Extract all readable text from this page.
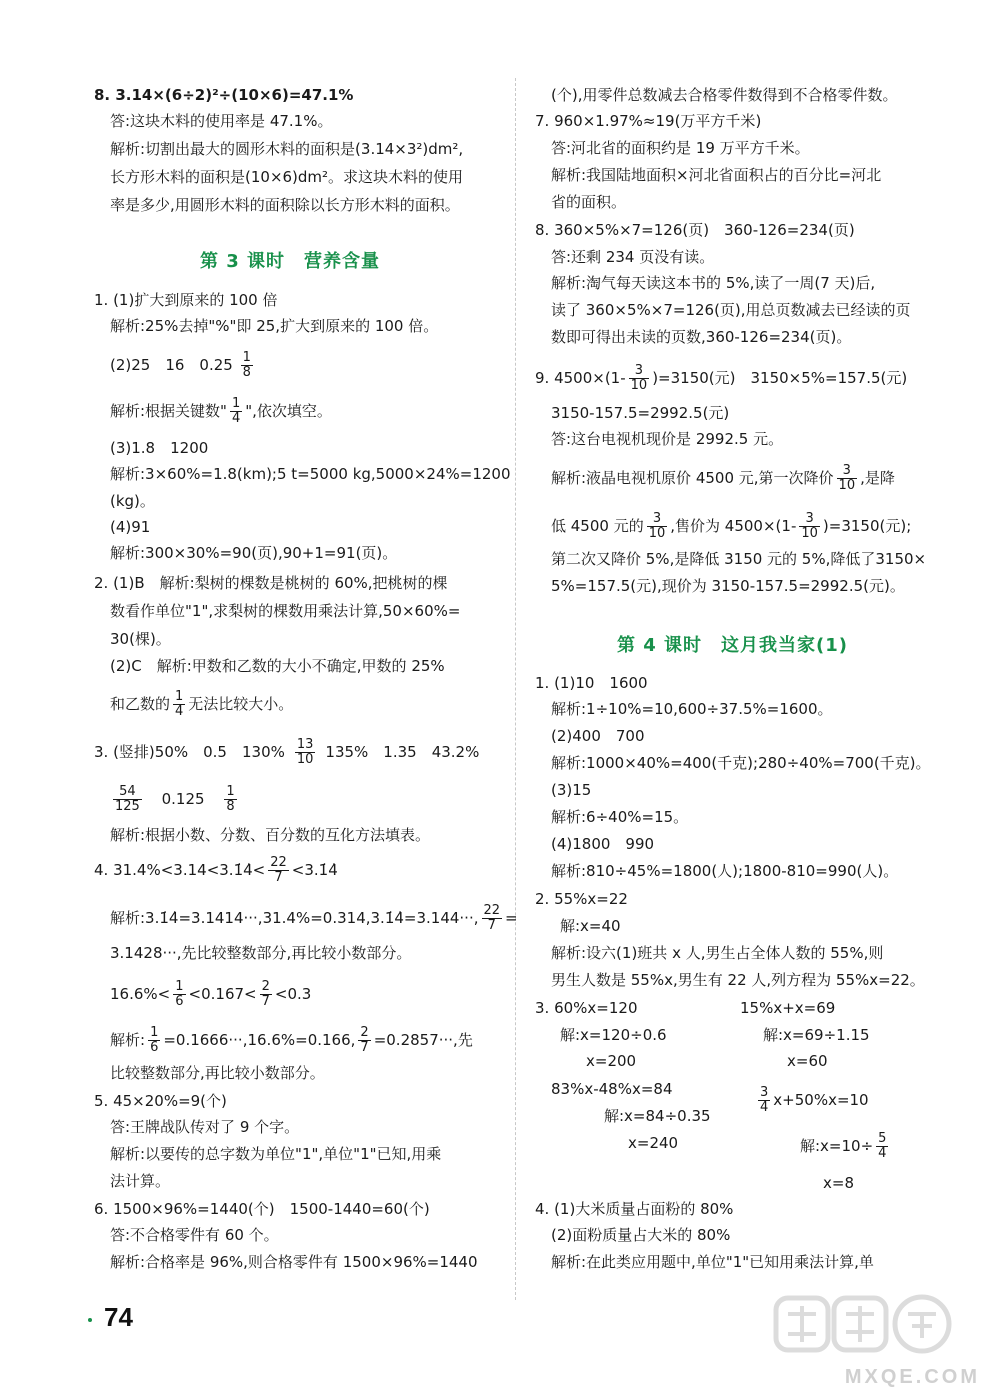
8. 3.14×(6÷2)²÷(10×6)=47.1%
答:这块木料的使用率是 47.1%。
解析:切割出最大的圆形木料的面积是(3.14×3²)dm²,
长方形木料的面积是(10×6)dm²。求这块木料的使用
率是多少,用圆形木料的面积除以长方形木料的面积。
第 3 课时　营养含量
1. (1)扩大到原来的 100 倍
解析:25%去掉"%"即 25,扩大到原来的 100 倍。
(2)25　16　$0.25 \frac{1}{8}$
解析:根据关键数" $\frac{1}{4}$ ",依次填空。
(3)1.8　1200
解析:3×60%=1.8(km);5 t=5000 kg,5000×24%=1200
(kg)。
(4)91
解析:300×30%=90(页),90+1=91(页)。
2. (1)B　解析:梨树的棵数是桃树的 60%,把桃树的棵
数看作单位"1",求梨树的棵数用乘法计算,50×60%=
30(棵)。
(2)C　解析:甲数和乙数的大小不确定,甲数的 25%
和乙数的 $\frac{1}{4}$ 无法比较大小。
3. (竖排)50%　0.5　$130\% \frac{13}{10} 135\%$　1.35　43.2%
$\frac{54}{125} 0.125 \frac{1}{8}$
解析:根据小数、分数、百分数的互化方法填表。
4. 31.4%<3.14<3.1̇4̇< $\frac{22}{7}$ <3.1̇4̇
解析:3.1̇4̇=3.1414···,31.4%=0.314,3.1̇4̇=3.144···, $\frac{22}{7}$ =
3.1428···,先比较整数部分,再比较小数部分。
$16.6\%< \frac{1}{6} <0.167< \frac{2}{7} <0.3$
解析: $\frac{1}{6} =0.1666\cdot\cdot\cdot,16.6\%=0.166$, $\frac{2}{7} =0.2857\cdot\cdot\cdot$,先
比较整数部分,再比较小数部分。
5. 45×20%=9(个)
答:王牌战队传对了 9 个字。
解析:以要传的总字数为单位"1",单位"1"已知,用乘
法计算。
6. 1500×96%=1440(个)　1500-1440=60(个)
答:不合格零件有 60 个。
解析:合格率是 96%,则合格零件有 1500×96%=1440
(个),用零件总数减去合格零件数得到不合格零件数。
7. 960×1.97%≈19(万平方千米)
答:河北省的面积约是 19 万平方千米。
解析:我国陆地面积×河北省面积占的百分比=河北
省的面积。
8. 360×5%×7=126(页)　360-126=234(页)
答:还剩 234 页没有读。
解析:淘气每天读这本书的 5%,读了一周(7 天)后,
读了 360×5%×7=126(页),用总页数减去已经读的页
数即可得出未读的页数,360-126=234(页)。
9. $4500\times(1- \frac{3}{10} )=3150$(元)　3150×5%=157.5(元)
3150-157.5=2992.5(元)
答:这台电视机现价是 2992.5 元。
解析:液晶电视机原价 4500 元,第一次降价 $\frac{3}{10}$ ,是降
低 4500 元的 $\frac{3}{10}$ ,售价为 $4500\times(1- \frac{3}{10} )=3150$(元);
第二次又降价 5%,是降低 3150 元的 5%,降低了3150×
5%=157.5(元),现价为 3150-157.5=2992.5(元)。
第 4 课时　这月我当家(1)
1. (1)10　1600
解析:1÷10%=10,600÷37.5%=1600。
(2)400　700
解析:1000×40%=400(千克);280÷40%=700(千克)。
(3)15
解析:6÷40%=15。
(4)1800　990
解析:810÷45%=1800(人);1800-810=990(人)。
2. 55%x=22
解:x=40
解析:设六(1)班共 x 人,男生占全体人数的 55%,则
男生人数是 55%x,男生有 22 人,列方程为 55%x=22。
3. 60%x=120
解:x=120÷0.6
x=200
15%x+x=69
解:x=69÷1.15
x=60
83%x-48%x=84
解:x=84÷0.35
x=240
$\frac{3}{4} x+50\%x=10$
解:x=10÷ $\frac{5}{4}$
x=8
4. (1)大米质量占面粉的 80%
(2)面粉质量占大米的 80%
解析:在此类应用题中,单位"1"已知用乘法计算,单
74
MXQE.COM
